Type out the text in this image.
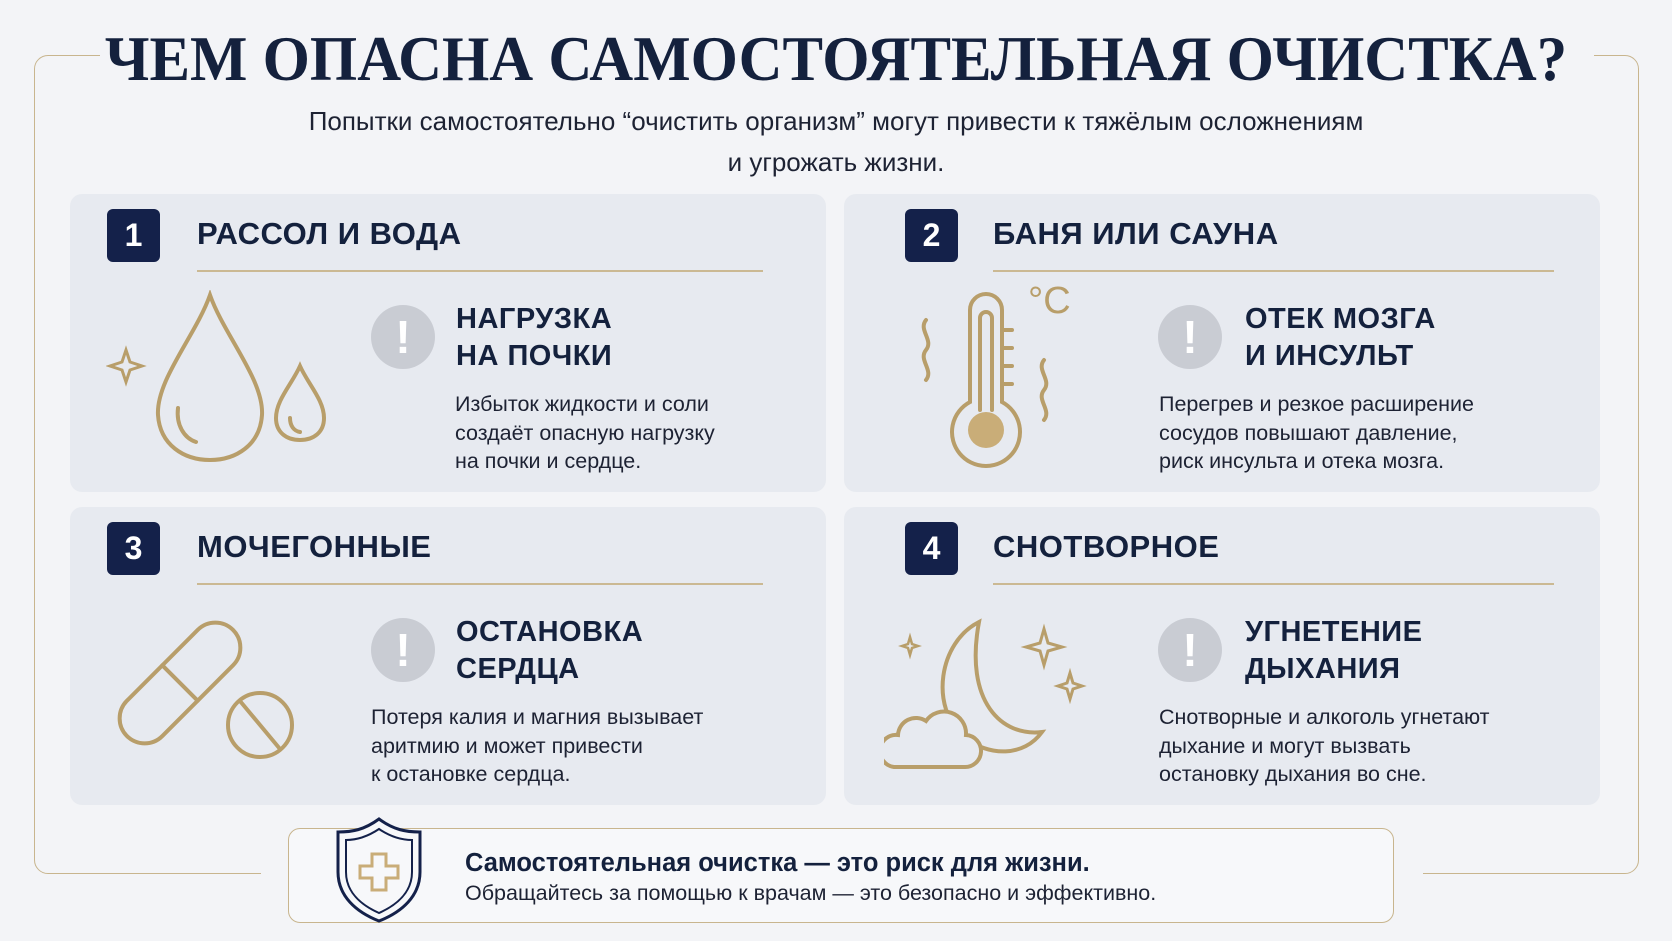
ЧЕМ ОПАСНА САМОСТОЯТЕЛЬНАЯ ОЧИСТКА?
Попытки самостоятельно “очистить организм” могут привести к тяжёлым осложнениям
и угрожать жизни.
1	РАССОЛ И ВОДА
!	НАГРУЗКА
НА ПОЧКИ
Избыток жидкости и соли
создаёт опасную нагрузку
на почки и сердце.
2	БАНЯ ИЛИ САУНА
°C
!	ОТЕК МОЗГА
И ИНСУЛЬТ
Перегрев и резкое расширение
сосудов повышают давление,
риск инсульта и отека мозга.
3	МОЧЕГОННЫЕ
!	ОСТАНОВКА
СЕРДЦА
Потеря калия и магния вызывает
аритмию и может привести
к остановке сердца.
4	СНОТВОРНОЕ
!	УГНЕТЕНИЕ
ДЫХАНИЯ
Снотворные и алкоголь угнетают
дыхание и могут вызвать
остановку дыхания во сне.
Самостоятельная очистка — это риск для жизни.
Обращайтесь за помощью к врачам — это безопасно и эффективно.
